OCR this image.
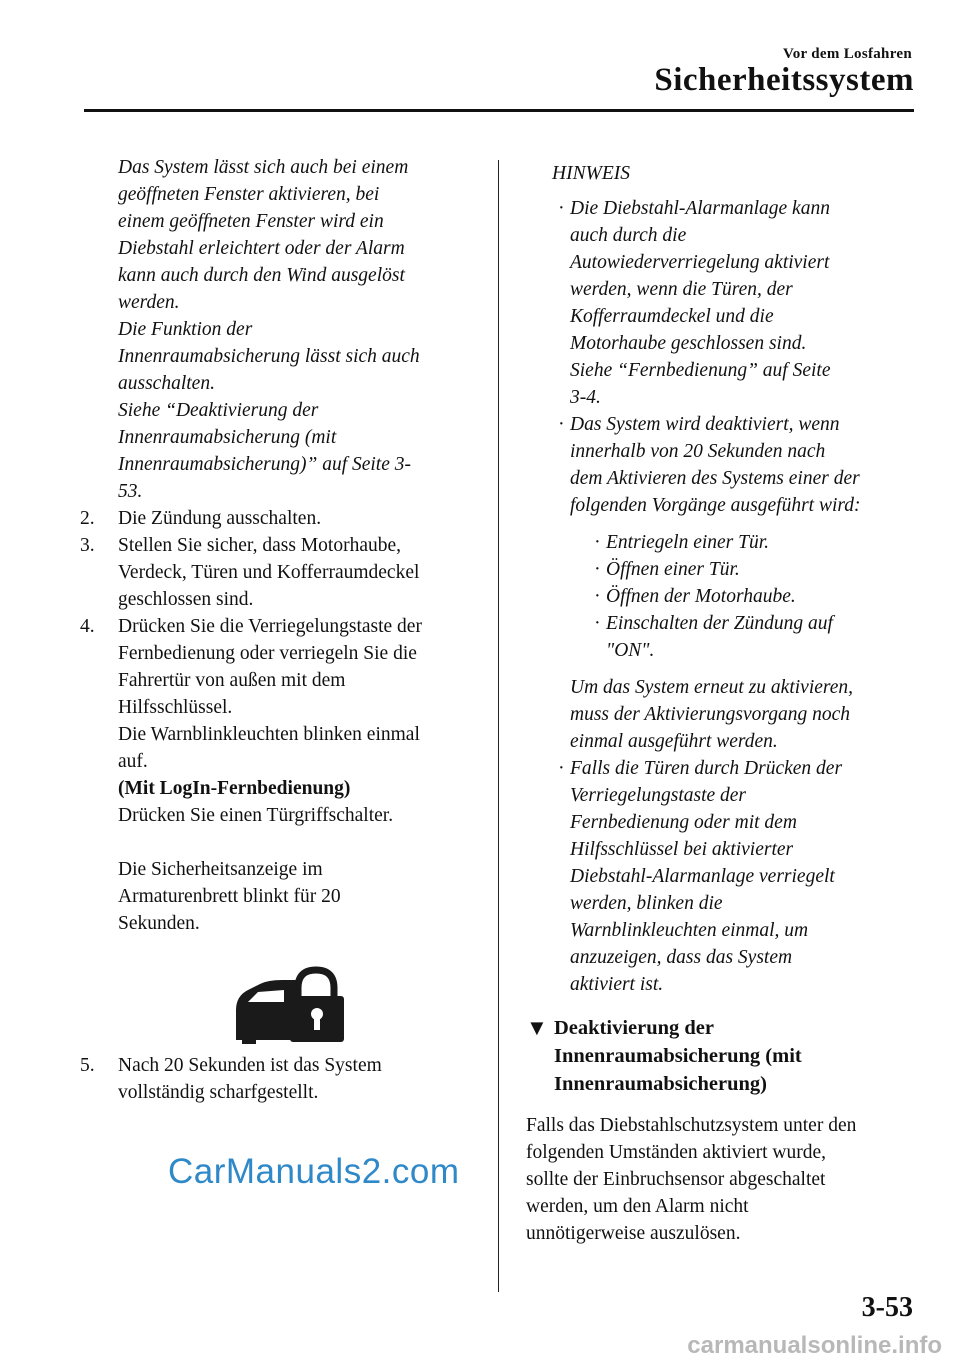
Vor dem Losfahren
Sicherheitssystem

Das System lässt sich auch bei einem

geöffneten Fenster aktivieren, bei

einem geöffneten Fenster wird ein

Diebstahl erleichtert oder der Alarm

kann auch durch den Wind ausgelöst

werden.

Die Funktion der

Innenraumabsicherung lässt sich auch

ausschalten.

Siehe “Deaktivierung der

Innenraumabsicherung (mit

Innenraumabsicherung)” auf Seite 3-

53.

2.	Die Zündung ausschalten.
3.	Stellen Sie sicher, dass Motorhaube,

Verdeck, Türen und Kofferraumdeckel

geschlossen sind.

4.	Drücken Sie die Verriegelungstaste der

Fernbedienung oder verriegeln Sie die

Fahrertür von außen mit dem

Hilfsschlüssel.

Die Warnblinkleuchten blinken einmal

auf.

(Mit LogIn-Fernbedienung)

Drücken Sie einen Türgriffschalter.

Die Sicherheitsanzeige im

Armaturenbrett blinkt für 20

Sekunden.

5.	Nach 20 Sekunden ist das System

vollständig scharfgestellt.

HINWEIS

· Die Diebstahl-Alarmanlage kann

auch durch die

Autowiederverriegelung aktiviert

werden, wenn die Türen, der

Kofferraumdeckel und die

Motorhaube geschlossen sind.

Siehe “Fernbedienung” auf Seite

3-4.

· Das System wird deaktiviert, wenn

innerhalb von 20 Sekunden nach

dem Aktivieren des Systems einer der

folgenden Vorgänge ausgeführt wird:

· Entriegeln einer Tür.
· Öffnen einer Tür.
· Öffnen der Motorhaube.
· Einschalten der Zündung auf

"ON".

Um das System erneut zu aktivieren,

muss der Aktivierungsvorgang noch

einmal ausgeführt werden.

· Falls die Türen durch Drücken der

Verriegelungstaste der

Fernbedienung oder mit dem

Hilfsschlüssel bei aktivierter

Diebstahl-Alarmanlage verriegelt

werden, blinken die

Warnblinkleuchten einmal, um

anzuzeigen, dass das System

aktiviert ist.

▼ Deaktivierung der

Innenraumabsicherung (mit

Innenraumabsicherung)

Falls das Diebstahlschutzsystem unter den

folgenden Umständen aktiviert wurde,

sollte der Einbruchsensor abgeschaltet

werden, um den Alarm nicht

unnötigerweise auszulösen.

CarManuals2.com
3-53
carmanualsonline.info
